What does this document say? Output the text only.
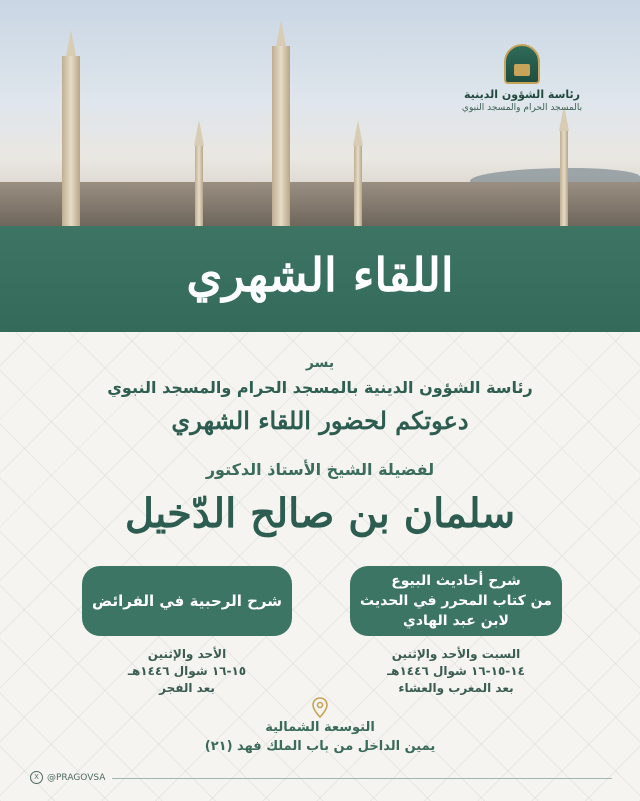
رئاسة الشؤون الدينية
بالمسجد الحرام والمسجد النبوي
اللقاء الشهري
يسر
رئاسة الشؤون الدينية بالمسجد الحرام والمسجد النبوي
دعوتكم لحضور اللقاء الشهري
لفضيلة الشيخ الأستاذ الدكتور
سلمان بن صالح الدّخيل
شرح أحاديث البيوع
من كتاب المحرر في الحديث
لابن عبد الهادي
شرح الرحبية في الفرائض
السبت والأحد والإثنين
١٤-١٥-١٦ شوال ١٤٤٦هـ
بعد المغرب والعشاء
الأحد والإثنين
١٥-١٦ شوال ١٤٤٦هـ
بعد الفجر
التوسعة الشمالية
يمين الداخل من باب الملك فهد (٢١)
X @PRAGOVSA
